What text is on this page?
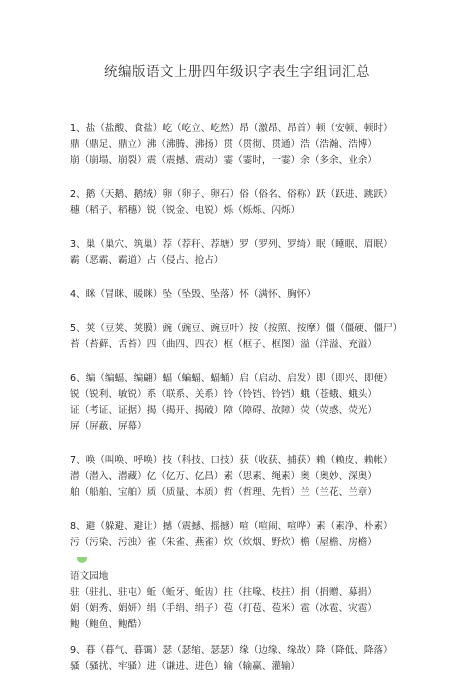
统编版语文上册四年级识字表生字组词汇总
1、盐（盐酸、食盐）屹（屹立、屹然）昂（激昂、昂首）顿（安顿、顿时）
鼎（鼎足、鼎立）沸（沸腾、沸扬）贯（贯彻、贯通）浩（浩瀚、浩博）
崩（崩塌、崩裂）震（震撼、震动）霎（霎时，一霎）余（多余、业余）
2、鹅（天鹅、鹅绒）卵（卵子、卵石）俗（俗名、俗称）跃（跃进、跳跃）
穗（稻子、稻穗）锐（锐金、电锐）烁（烁烁、闪烁）
3、巢（巢穴、筑巢）荐（荐秆、荐塘）罗（罗列、罗绮）眠（睡眠、眉眠）
霸（恶霸、霸道）占（侵占、抢占）
4、眯（冒眯、暖眯）坠（坠毁、坠落）怀（满怀、胸怀）
5、荚（豆荚、荚膜）豌（豌豆、豌豆叶）按（按照、按摩）僵（僵硬、僵尸）
苔（苔藓、舌苔）四（曲四、四衣）框（框子、框图）溢（洋溢、充溢）
6、编（编蝠、编翩）蝠（蝙蝠、蝠蛹）启（启动、启发）即（即兴、即便）
锐（锐利、敏锐）系（联系、关系）铃（铃铛、铃铛）蛾（苍蛾、蛾头）
证（考证、证据）揭（揭开、揭破）障（障碍、故障）荧（荧惑、荧光）
屏（屏蔽、屏幕）
7、唤（叫唤、呼唤）技（科技、口技）获（收获、捕获）赖（赖皮、赖帐）
潜（潜入、潜藏）亿（亿万、亿昌）素（思素、绳素）奥（奥妙、深奥）
舶（船舶、宝舶）质（质量、本质）哲（哲理、先哲）兰（兰花、兰章）
8、避（躲避、避让）撼（震撼、摇撼）喧（喧闹、喧哗）素（素净、朴素）
污（污染、污浊）雀（朱雀、燕雀）炊（炊烟、野炊）檐（屋檐、房檐）
语文园地
驻（驻扎、驻屯）蚯（蚯牙、蚯齿）拄（拄喙、枝拄）捐（捐赠、募捐）
娟（娟秀、娟妍）绢（手绢、绢子）苞（打苞、苞米）雹（冰雹、灾雹）
鲍（鲍鱼、鲍酷）
9、暮（暮气、暮霭）瑟（瑟缩、瑟瑟）缘（边缘、缘故）降（降低、降落）
骚（骚扰、牢骚）进（谦进、进色）输（输赢、灌输）
